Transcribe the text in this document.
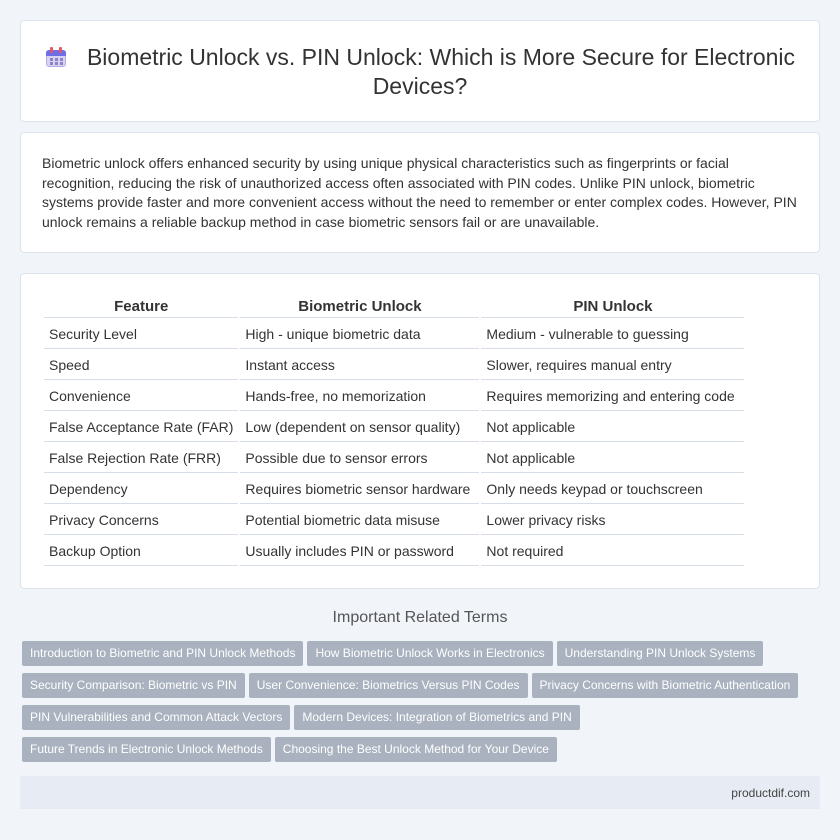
Biometric Unlock vs. PIN Unlock: Which is More Secure for Electronic Devices?

Biometric unlock offers enhanced security by using unique physical characteristics such as fingerprints or facial recognition, reducing the risk of unauthorized access often associated with PIN codes. Unlike PIN unlock, biometric systems provide faster and more convenient access without the need to remember or enter complex codes. However, PIN unlock remains a reliable backup method in case biometric sensors fail or are unavailable.

Feature	Biometric Unlock	PIN Unlock
Security Level	High - unique biometric data	Medium - vulnerable to guessing
Speed	Instant access	Slower, requires manual entry
Convenience	Hands-free, no memorization	Requires memorizing and entering code
False Acceptance Rate (FAR)	Low (dependent on sensor quality)	Not applicable
False Rejection Rate (FRR)	Possible due to sensor errors	Not applicable
Dependency	Requires biometric sensor hardware	Only needs keypad or touchscreen
Privacy Concerns	Potential biometric data misuse	Lower privacy risks
Backup Option	Usually includes PIN or password	Not required
Important Related Terms
Introduction to Biometric and PIN Unlock Methods How Biometric Unlock Works in Electronics Understanding PIN Unlock Systems
Security Comparison: Biometric vs PIN User Convenience: Biometrics Versus PIN Codes Privacy Concerns with Biometric Authentication
PIN Vulnerabilities and Common Attack Vectors Modern Devices: Integration of Biometrics and PIN
Future Trends in Electronic Unlock Methods Choosing the Best Unlock Method for Your Device
productdif.com
